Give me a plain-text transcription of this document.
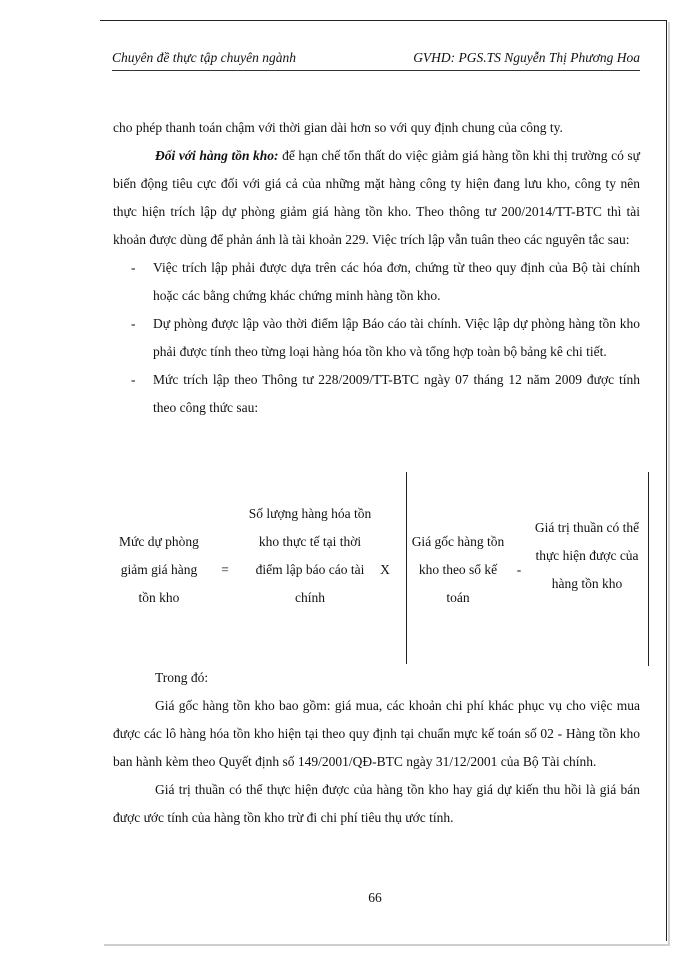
Chuyên đề thực tập chuyên ngành	GVHD: PGS.TS Nguyễn Thị Phương Hoa
cho phép thanh toán chậm với thời gian dài hơn so với quy định chung của công ty.
Đối với hàng tồn kho: để hạn chế tổn thất do việc giảm giá hàng tồn khi thị trường có sự biến động tiêu cực đối với giá cả của những mặt hàng công ty hiện đang lưu kho, công ty nên thực hiện trích lập dự phòng giảm giá hàng tồn kho. Theo thông tư 200/2014/TT-BTC thì tài khoản được dùng để phản ánh là tài khoản 229. Việc trích lập vẫn tuân theo các nguyên tắc sau:
- Việc trích lập phải được dựa trên các hóa đơn, chứng từ theo quy định của Bộ tài chính hoặc các bằng chứng khác chứng minh hàng tồn kho.
- Dự phòng được lập vào thời điểm lập Báo cáo tài chính. Việc lập dự phòng hàng tồn kho phải được tính theo từng loại hàng hóa tồn kho và tổng hợp toàn bộ bảng kê chi tiết.
- Mức trích lập theo Thông tư 228/2009/TT-BTC ngày 07 tháng 12 năm 2009 được tính theo công thức sau:
Mức dự phòng giảm giá hàng tồn kho
=
Số lượng hàng hóa tồn kho thực tế tại thời điểm lập báo cáo tài chính
X
Giá gốc hàng tồn kho theo sổ kế toán
-
Giá trị thuần có thể thực hiện được của hàng tồn kho
Trong đó:
Giá gốc hàng tồn kho bao gồm: giá mua, các khoản chi phí khác phục vụ cho việc mua được các lô hàng hóa tồn kho hiện tại theo quy định tại chuẩn mực kế toán số 02 - Hàng tồn kho ban hành kèm theo Quyết định số 149/2001/QĐ-BTC ngày 31/12/2001 của Bộ Tài chính.
Giá trị thuần có thể thực hiện được của hàng tồn kho hay giá dự kiến thu hồi là giá bán được ước tính của hàng tồn kho trừ đi chi phí tiêu thụ ước tính.
66
